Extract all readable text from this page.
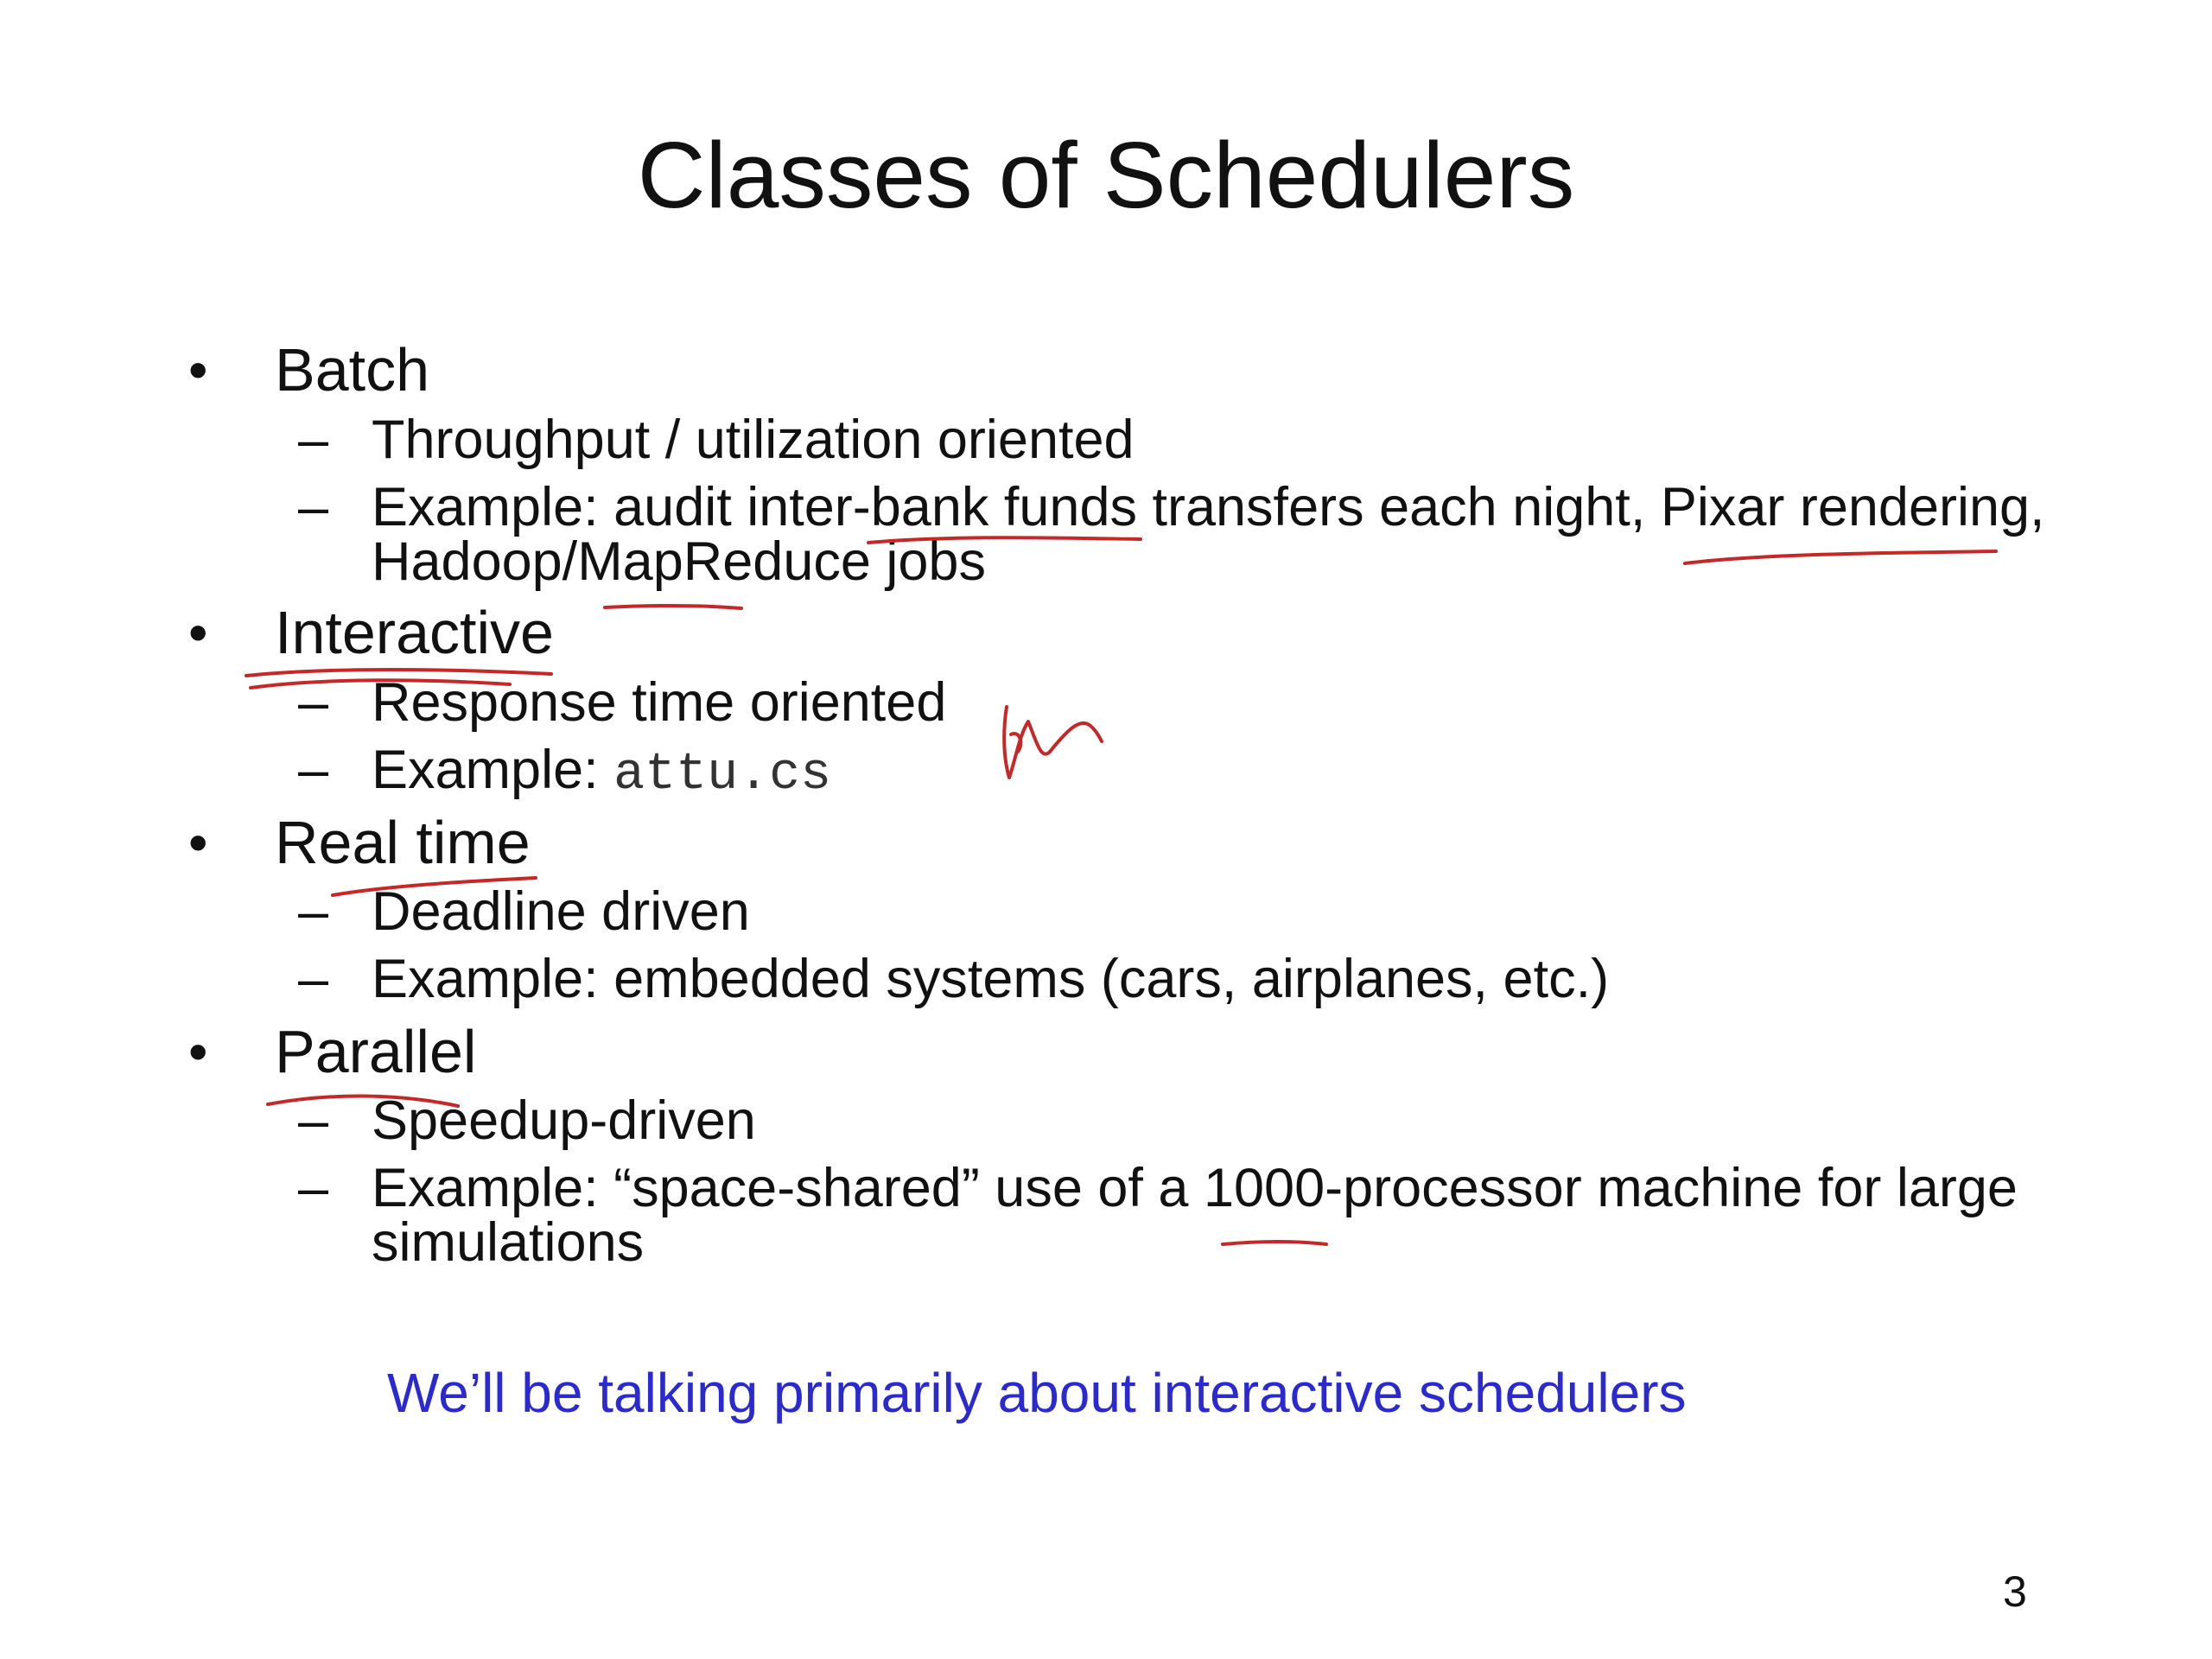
Classes of Schedulers
• Batch
– Throughput / utilization oriented
– Example: audit inter-bank funds transfers each night, Pixar rendering,
Hadoop/MapReduce jobs
• Interactive
– Response time oriented
– Example: attu.cs
• Real time
– Deadline driven
– Example: embedded systems (cars, airplanes, etc.)
• Parallel
– Speedup-driven
– Example: “space-shared” use of a 1000-processor machine for large
simulations
We’ll be talking primarily about interactive schedulers
3
